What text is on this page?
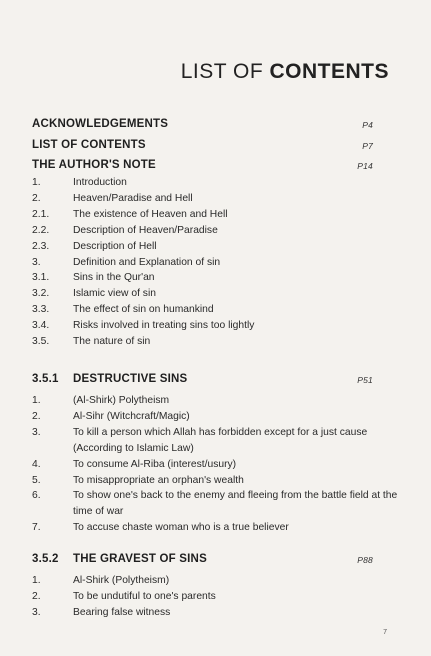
LIST OF CONTENTS
ACKNOWLEDGEMENTS	P4
LIST OF CONTENTS	P7
THE AUTHOR'S NOTE	P14
1.	Introduction
2.	Heaven/Paradise and Hell
2.1. The existence of Heaven and Hell
2.2. Description of Heaven/Paradise
2.3. Description of Hell
3.	Definition and Explanation of sin
3.1. Sins in the Qur'an
3.2. Islamic view of sin
3.3. The effect of sin on humankind
3.4. Risks involved in treating sins too lightly
3.5. The nature of sin
3.5.1	DESTRUCTIVE SINS	P51
1.	(Al-Shirk) Polytheism
2.	Al-Sihr (Witchcraft/Magic)
3.	To kill a person which Allah has forbidden except for a just cause (According to Islamic Law)
4.	To consume Al-Riba (interest/usury)
5.	To misappropriate an orphan's wealth
6.	To show one's back to the enemy and fleeing from the battle field at the time of war
7.	To accuse chaste woman who is a true believer
3.5.2	THE GRAVEST OF SINS	P88
1.	Al-Shirk (Polytheism)
2.	To be undutiful to one's parents
3.	Bearing false witness
7
